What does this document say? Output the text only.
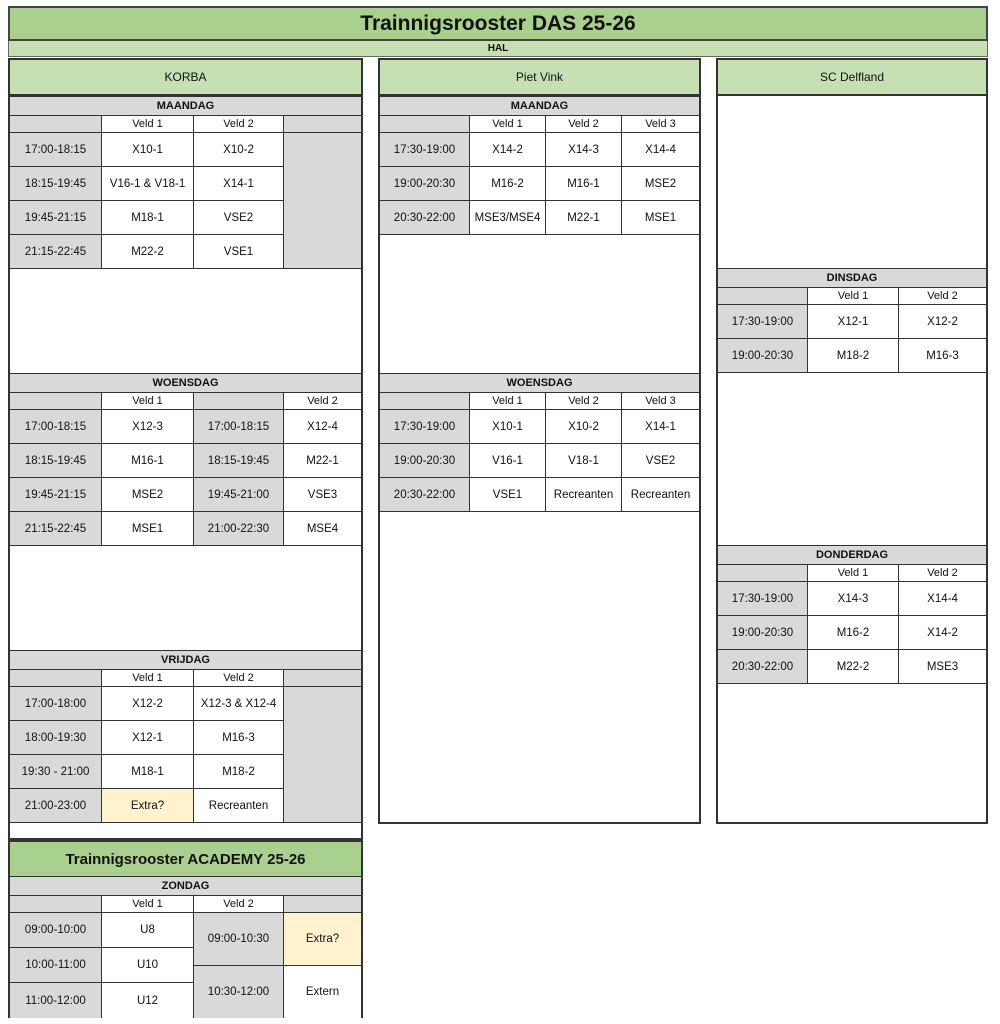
Trainnigsrooster DAS 25-26
HAL
KORBA
MAANDAG
Veld 1	Veld 2
17:00-18:15	X10-1	X10-2
18:15-19:45	V16-1 & V18-1	X14-1
19:45-21:15	M18-1	VSE2
21:15-22:45	M22-2	VSE1
WOENSDAG
Veld 1	Veld 2
17:00-18:15	X12-3	17:00-18:15	X12-4
18:15-19:45	M16-1	18:15-19:45	M22-1
19:45-21:15	MSE2	19:45-21:00	VSE3
21:15-22:45	MSE1	21:00-22:30	MSE4
VRIJDAG
Veld 1	Veld 2
17:00-18:00	X12-2	X12-3 & X12-4
18:00-19:30	X12-1	M16-3
19:30 - 21:00	M18-1	M18-2
21:00-23:00	Extra?	Recreanten
Piet Vink
MAANDAG
Veld 1	Veld 2	Veld 3
17:30-19:00	X14-2	X14-3	X14-4
19:00-20:30	M16-2	M16-1	MSE2
20:30-22:00	MSE3/MSE4	M22-1	MSE1
WOENSDAG
Veld 1	Veld 2	Veld 3
17:30-19:00	X10-1	X10-2	X14-1
19:00-20:30	V16-1	V18-1	VSE2
20:30-22:00	VSE1	Recreanten	Recreanten
SC Delfland
DINSDAG
Veld 1	Veld 2
17:30-19:00	X12-1	X12-2
19:00-20:30	M18-2	M16-3
DONDERDAG
Veld 1	Veld 2
17:30-19:00	X14-3	X14-4
19:00-20:30	M16-2	X14-2
20:30-22:00	M22-2	MSE3
Trainnigsrooster ACADEMY 25-26
ZONDAG
Veld 1	Veld 2
09:00-10:00	U8
10:00-11:00	U10
11:00-12:00	U12
09:00-10:30	Extra?
10:30-12:00	Extern
